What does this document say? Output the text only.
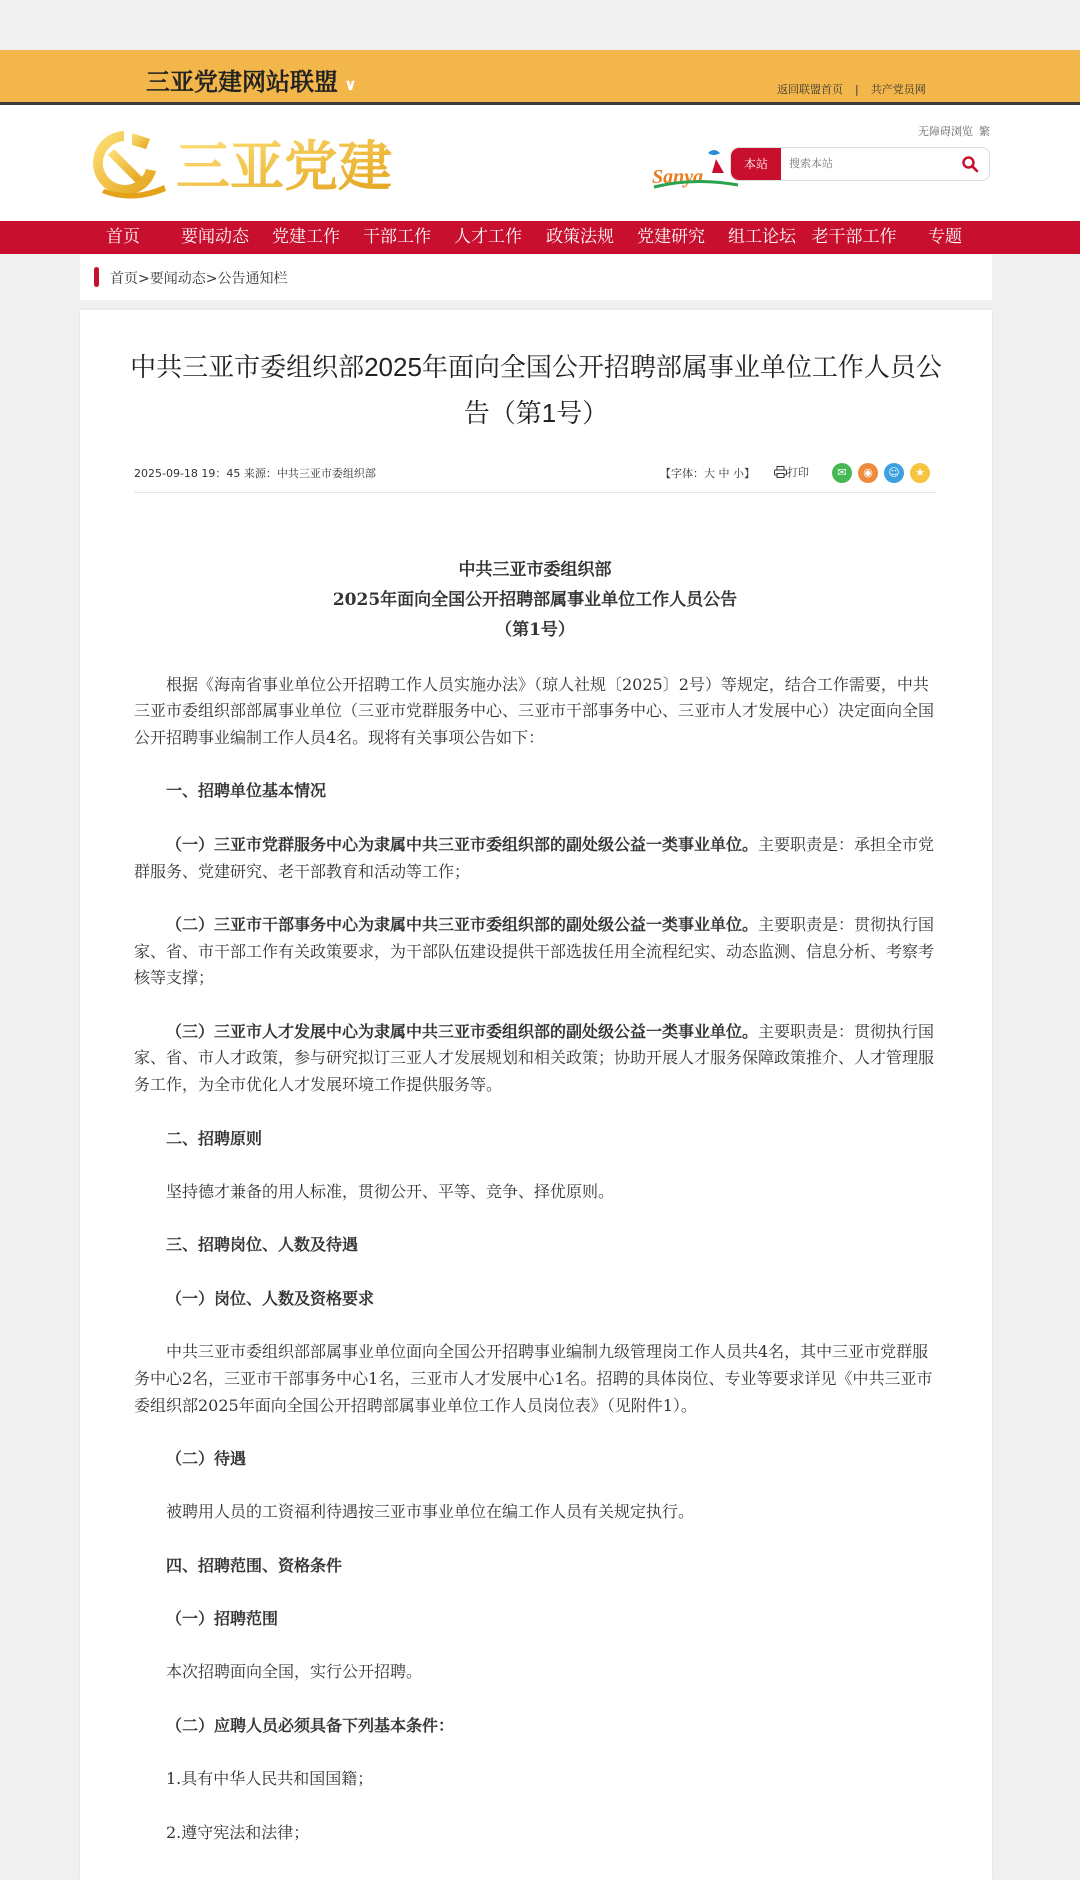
三亚党建网站联盟 ∨	返回联盟首页 | 共产党员网
三亚党建
无障碍浏览 繁
Sanya
本站
搜索本站
首页 要闻动态 党建工作 干部工作 人才工作 政策法规 党建研究 组工论坛 老干部工作 专题
首页>要闻动态>公告通知栏
中共三亚市委组织部2025年面向全国公开招聘部属事业单位工作人员公告（第1号）
2025-09-18 19：45 来源：中共三亚市委组织部	【字体：大 中 小】	打印	✉ ◉ ☺ ★

中共三亚市委组织部

2025年面向全国公开招聘部属事业单位工作人员公告

（第1号）

根据《海南省事业单位公开招聘工作人员实施办法》（琼人社规〔2025〕2号）等规定，结合工作需要，中共三亚市委组织部部属事业单位（三亚市党群服务中心、三亚市干部事务中心、三亚市人才发展中心）决定面向全国公开招聘事业编制工作人员4名。现将有关事项公告如下：

一、招聘单位基本情况

（一）三亚市党群服务中心为隶属中共三亚市委组织部的副处级公益一类事业单位。主要职责是：承担全市党群服务、党建研究、老干部教育和活动等工作；

（二）三亚市干部事务中心为隶属中共三亚市委组织部的副处级公益一类事业单位。主要职责是：贯彻执行国家、省、市干部工作有关政策要求，为干部队伍建设提供干部选拔任用全流程纪实、动态监测、信息分析、考察考核等支撑；

（三）三亚市人才发展中心为隶属中共三亚市委组织部的副处级公益一类事业单位。主要职责是：贯彻执行国家、省、市人才政策，参与研究拟订三亚人才发展规划和相关政策；协助开展人才服务保障政策推介、人才管理服务工作，为全市优化人才发展环境工作提供服务等。

二、招聘原则

坚持德才兼备的用人标准，贯彻公开、平等、竞争、择优原则。

三、招聘岗位、人数及待遇

（一）岗位、人数及资格要求

中共三亚市委组织部部属事业单位面向全国公开招聘事业编制九级管理岗工作人员共4名，其中三亚市党群服务中心2名，三亚市干部事务中心1名，三亚市人才发展中心1名。招聘的具体岗位、专业等要求详见《中共三亚市委组织部2025年面向全国公开招聘部属事业单位工作人员岗位表》（见附件1）。

（二）待遇

被聘用人员的工资福利待遇按三亚市事业单位在编工作人员有关规定执行。

四、招聘范围、资格条件

（一）招聘范围

本次招聘面向全国，实行公开招聘。

（二）应聘人员必须具备下列基本条件：

1.具有中华人民共和国国籍；

2.遵守宪法和法律；
